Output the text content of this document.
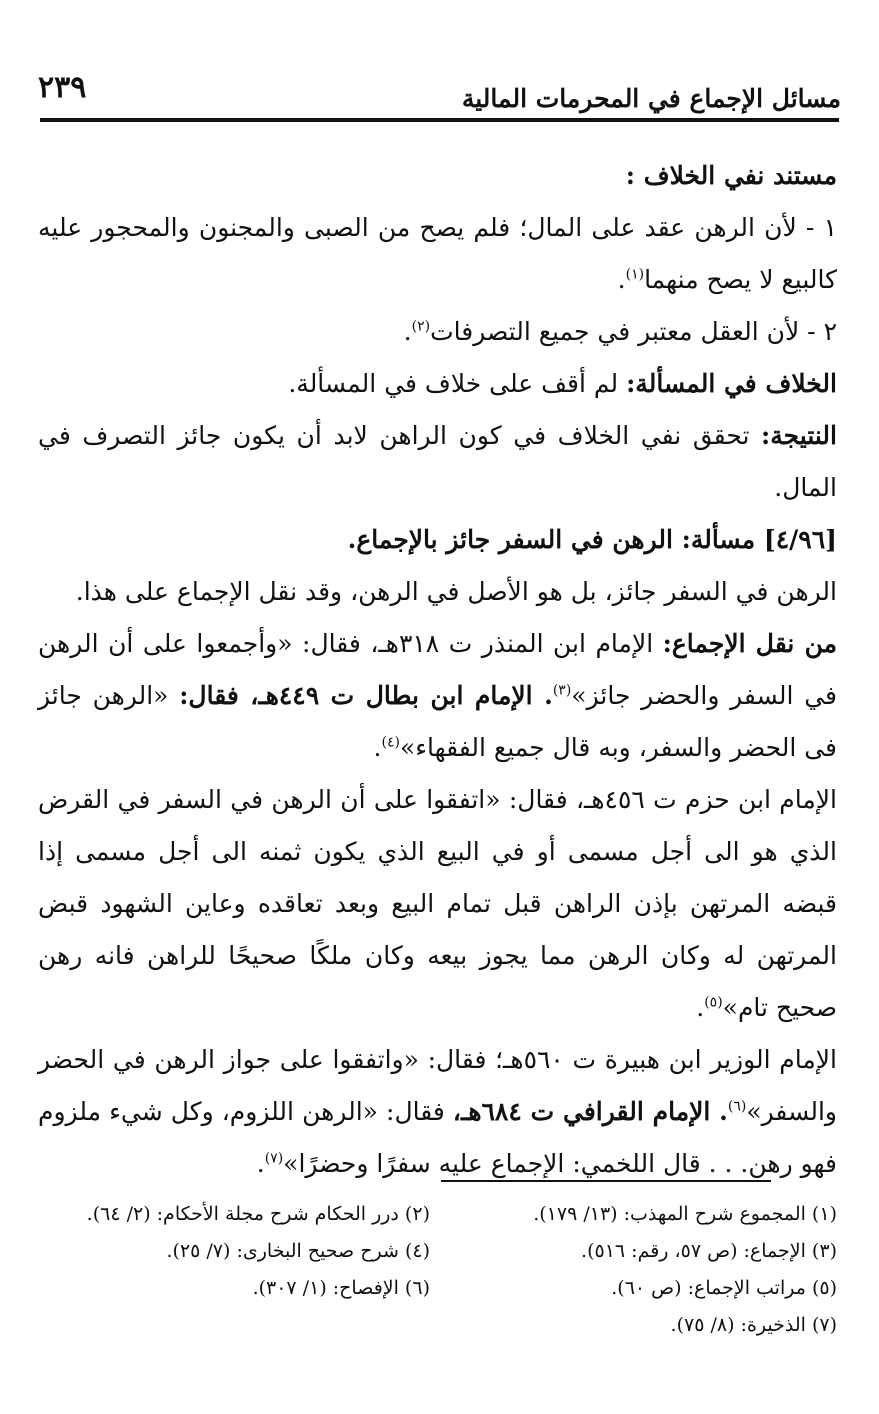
مسائل الإجماع في المحرمات المالية
٢٣٩

مستند نفي الخلاف :

١ - لأن الرهن عقد على المال؛ فلم يصح من الصبى والمجنون والمحجور عليه كالبيع لا يصح منهما$^{(١)}$.

٢ - لأن العقل معتبر في جميع التصرفات$^{(٢)}$.

الخلاف في المسألة: لم أقف على خلاف في المسألة.

النتيجة: تحقق نفي الخلاف في كون الراهن لابد أن يكون جائز التصرف في المال.

[٤/٩٦] مسألة: الرهن في السفر جائز بالإجماع.

الرهن في السفر جائز، بل هو الأصل في الرهن، وقد نقل الإجماع على هذا.

من نقل الإجماع: الإمام ابن المنذر ت ٣١٨هـ، فقال: «وأجمعوا على أن الرهن في السفر والحضر جائز»$^{(٣)}$. الإمام ابن بطال ت ٤٤٩هـ، فقال: «الرهن جائز فى الحضر والسفر، وبه قال جميع الفقهاء»$^{(٤)}$.

الإمام ابن حزم ت ٤٥٦هـ، فقال: «اتفقوا على أن الرهن في السفر في القرض الذي هو الى أجل مسمى أو في البيع الذي يكون ثمنه الى أجل مسمى إذا قبضه المرتهن بإذن الراهن قبل تمام البيع وبعد تعاقده وعاين الشهود قبض المرتهن له وكان الرهن مما يجوز بيعه وكان ملكًا صحيحًا للراهن فانه رهن صحيح تام»$^{(٥)}$.

الإمام الوزير ابن هبيرة ت ٥٦٠هـ؛ فقال: «واتفقوا على جواز الرهن في الحضر والسفر»$^{(٦)}$. الإمام القرافي ت ٦٨٤هـ، فقال: «الرهن اللزوم، وكل شيء ملزوم فهو رهن. . . قال اللخمي: الإجماع عليه سفرًا وحضرًا»$^{(٧)}$.

(١) المجموع شرح المهذب: (١٣/ ١٧٩).
(٣) الإجماع: (ص ٥٧، رقم: ٥١٦).
(٥) مراتب الإجماع: (ص ٦٠).
(٧) الذخيرة: (٨/ ٧٥).
(٢) درر الحكام شرح مجلة الأحكام: (٢/ ٦٤).
(٤) شرح صحيح البخارى: (٧/ ٢٥).
(٦) الإفصاح: (١/ ٣٠٧).
